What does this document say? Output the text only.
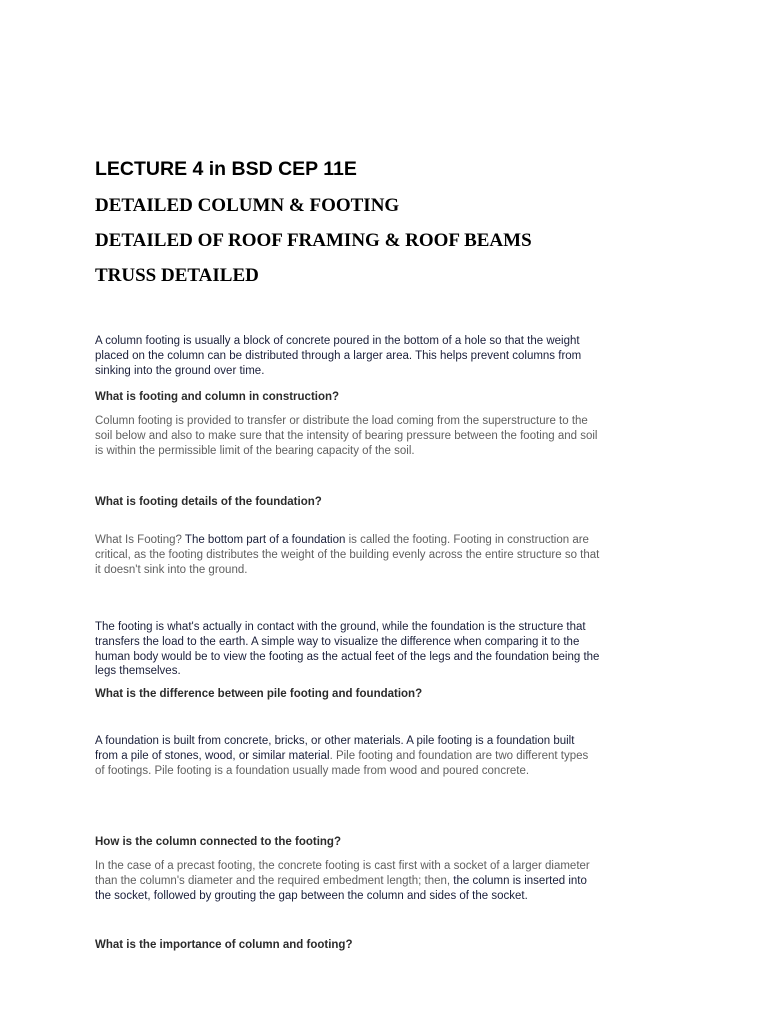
LECTURE 4 in BSD CEP 11E
DETAILED COLUMN & FOOTING
DETAILED OF ROOF FRAMING & ROOF BEAMS
TRUSS DETAILED

A column footing is usually a block of concrete poured in the bottom of a hole so that the weight placed on the column can be distributed through a larger area. This helps prevent columns from sinking into the ground over time.

What is footing and column in construction?

Column footing is provided to transfer or distribute the load coming from the superstructure to the soil below and also to make sure that the intensity of bearing pressure between the footing and soil is within the permissible limit of the bearing capacity of the soil.

What is footing details of the foundation?

What Is Footing? The bottom part of a foundation is called the footing. Footing in construction are critical, as the footing distributes the weight of the building evenly across the entire structure so that it doesn't sink into the ground.

The footing is what's actually in contact with the ground, while the foundation is the structure that transfers the load to the earth. A simple way to visualize the difference when comparing it to the human body would be to view the footing as the actual feet of the legs and the foundation being the legs themselves.

What is the difference between pile footing and foundation?

A foundation is built from concrete, bricks, or other materials. A pile footing is a foundation built from a pile of stones, wood, or similar material. Pile footing and foundation are two different types of footings. Pile footing is a foundation usually made from wood and poured concrete.

How is the column connected to the footing?

In the case of a precast footing, the concrete footing is cast first with a socket of a larger diameter than the column's diameter and the required embedment length; then, the column is inserted into the socket, followed by grouting the gap between the column and sides of the socket.

What is the importance of column and footing?
